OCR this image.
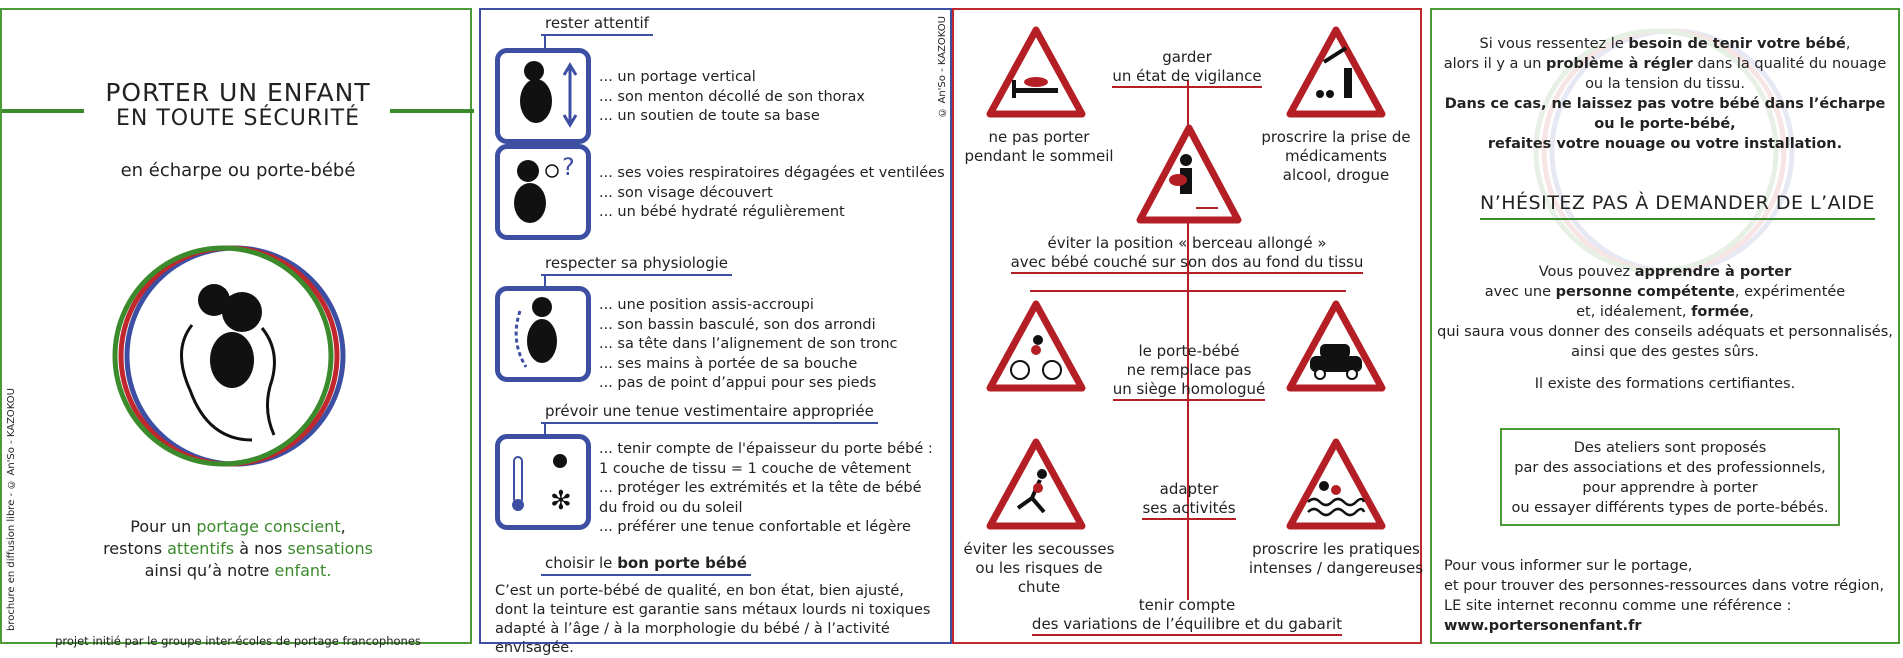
PORTER UN ENFANT
EN TOUTE SÉCURITÉ
en écharpe ou porte-bébé
Pour un portage conscient,
restons attentifs à nos sensations
ainsi qu’à notre enfant.
projet initié par le groupe inter-écoles de portage francophones
brochure en diffusion libre - © An'So - KAZOKOU
© An'So - KAZOKOU
rester attentif
... un portage vertical
... son menton décollé de son thorax
... un soutien de toute sa base
? ... ses voies respiratoires dégagées et ventilées
... son visage découvert
... un bébé hydraté régulièrement
respecter sa physiologie
... une position assis-accroupi
... son bassin basculé, son dos arrondi
... sa tête dans l’alignement de son tronc
... ses mains à portée de sa bouche
... pas de point d’appui pour ses pieds
prévoir une tenue vestimentaire appropriée
✻
... tenir compte de l'épaisseur du porte bébé :
1 couche de tissu = 1 couche de vêtement
... protéger les extrémités et la tête de bébé
du froid ou du soleil
... préférer une tenue confortable et légère
choisir le bon porte bébé
C’est un porte-bébé de qualité, en bon état, bien ajusté,
dont la teinture est garantie sans métaux lourds ni toxiques
adapté à l’âge / à la morphologie du bébé / à l’activité envisagée.
ne pas porter
pendant le sommeil
garder
un état de vigilance
proscrire la prise de
médicaments
alcool, drogue
éviter la position « berceau allongé »
avec bébé couché sur son dos au fond du tissu
le porte-bébé
ne remplace pas
un siège homologué
éviter les secousses
ou les risques de chute
adapter
ses activités
proscrire les pratiques
intenses / dangereuses
tenir compte
des variations de l’équilibre et du gabarit
Si vous ressentez le besoin de tenir votre bébé,
alors il y a un problème à régler dans la qualité du nouage
ou la tension du tissu.
Dans ce cas, ne laissez pas votre bébé dans l’écharpe
ou le porte-bébé,
refaites votre nouage ou votre installation.
N’HÉSITEZ PAS À DEMANDER DE L’AIDE
Vous pouvez apprendre à porter
avec une personne compétente, expérimentée
et, idéalement, formée,
qui saura vous donner des conseils adéquats et personnalisés,
ainsi que des gestes sûrs.
Il existe des formations certifiantes.
Des ateliers sont proposés
par des associations et des professionnels,
pour apprendre à porter
ou essayer différents types de porte-bébés.
Pour vous informer sur le portage,
et pour trouver des personnes-ressources dans votre région,
LE site internet reconnu comme une référence :
www.portersonenfant.fr
